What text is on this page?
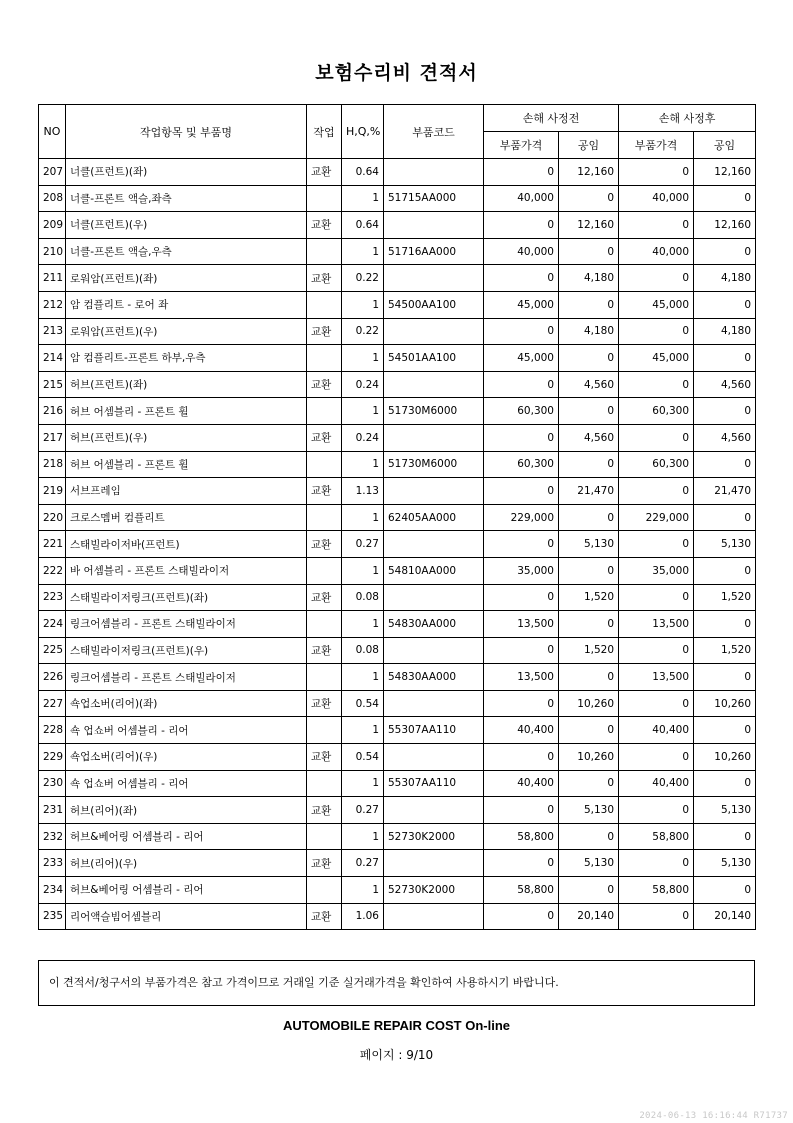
보험수리비 견적서
NO	작업항목 및 부품명	작업	H,Q,%	부품코드	손해 사정전		손해 사정후	
					부품가격	공임	부품가격	공임
207	너클(프런트)(좌)	교환	0.64		0	12,160	0	12,160
208	너클-프론트 액슬,좌측		1	51715AA000	40,000	0	40,000	0
209	너클(프런트)(우)	교환	0.64		0	12,160	0	12,160
210	너클-프론트 액슬,우측		1	51716AA000	40,000	0	40,000	0
211	로워암(프런트)(좌)	교환	0.22		0	4,180	0	4,180
212	암 컴플리트 - 로어 좌		1	54500AA100	45,000	0	45,000	0
213	로워암(프런트)(우)	교환	0.22		0	4,180	0	4,180
214	암 컴플리트-프론트 하부,우측		1	54501AA100	45,000	0	45,000	0
215	허브(프런트)(좌)	교환	0.24		0	4,560	0	4,560
216	허브 어셈블리 - 프론트 휠		1	51730M6000	60,300	0	60,300	0
217	허브(프런트)(우)	교환	0.24		0	4,560	0	4,560
218	허브 어셈블리 - 프론트 휠		1	51730M6000	60,300	0	60,300	0
219	서브프레임	교환	1.13		0	21,470	0	21,470
220	크로스멤버 컴플리트		1	62405AA000	229,000	0	229,000	0
221	스태빌라이저바(프런트)	교환	0.27		0	5,130	0	5,130
222	바 어셈블리 - 프론트 스태빌라이저		1	54810AA000	35,000	0	35,000	0
223	스태빌라이저링크(프런트)(좌)	교환	0.08		0	1,520	0	1,520
224	링크어셈블리 - 프론트 스태빌라이저		1	54830AA000	13,500	0	13,500	0
225	스태빌라이저링크(프런트)(우)	교환	0.08		0	1,520	0	1,520
226	링크어셈블리 - 프론트 스태빌라이저		1	54830AA000	13,500	0	13,500	0
227	쇽업소버(리어)(좌)	교환	0.54		0	10,260	0	10,260
228	쇽 업쇼버 어셈블리 - 리어		1	55307AA110	40,400	0	40,400	0
229	쇽업소버(리어)(우)	교환	0.54		0	10,260	0	10,260
230	쇽 업쇼버 어셈블리 - 리어		1	55307AA110	40,400	0	40,400	0
231	허브(리어)(좌)	교환	0.27		0	5,130	0	5,130
232	허브&베어링 어셈블리 - 리어		1	52730K2000	58,800	0	58,800	0
233	허브(리어)(우)	교환	0.27		0	5,130	0	5,130
234	허브&베어링 어셈블리 - 리어		1	52730K2000	58,800	0	58,800	0
235	리어액슬빔어셈블리	교환	1.06		0	20,140	0	20,140
이 견적서/청구서의 부품가격은 참고 가격이므로 거래일 기준 실거래가격을 확인하여 사용하시기 바랍니다.
AUTOMOBILE REPAIR COST On-line
페이지 : 9/10
2024-06-13 16:16:44 R71737
